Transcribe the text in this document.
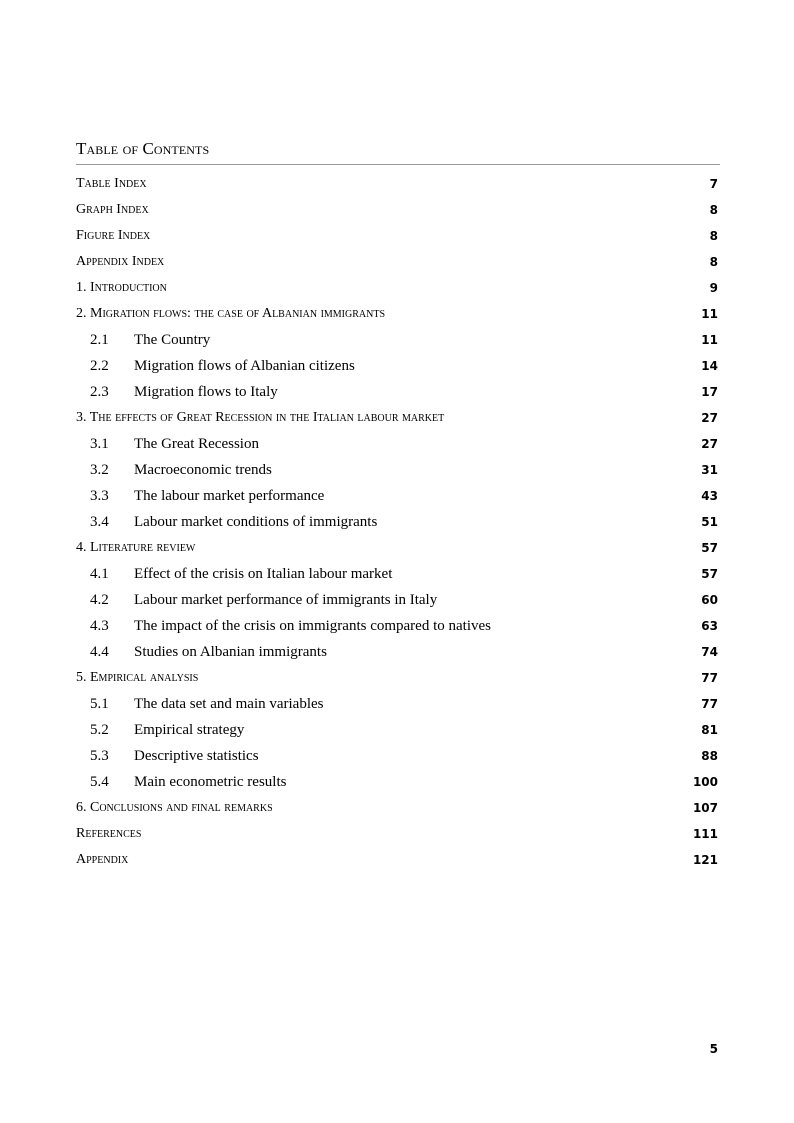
Table of Contents
Table Index	7
Graph Index	8
Figure Index	8
Appendix Index	8
1. Introduction	9
2. Migration flows: the case of Albanian immigrants	11
2.1	The Country	11
2.2	Migration flows of Albanian citizens	14
2.3	Migration flows to Italy	17
3. The effects of Great Recession in the Italian labour market	27
3.1	The Great Recession	27
3.2	Macroeconomic trends	31
3.3	The labour market performance	43
3.4	Labour market conditions of immigrants	51
4. Literature review	57
4.1	Effect of the crisis on Italian labour market	57
4.2	Labour market performance of immigrants in Italy	60
4.3	The impact of the crisis on immigrants compared to natives	63
4.4	Studies on Albanian immigrants	74
5. Empirical analysis	77
5.1	The data set and main variables	77
5.2	Empirical strategy	81
5.3	Descriptive statistics	88
5.4	Main econometric results	100
6. Conclusions and final remarks	107
References	111
Appendix	121
5
